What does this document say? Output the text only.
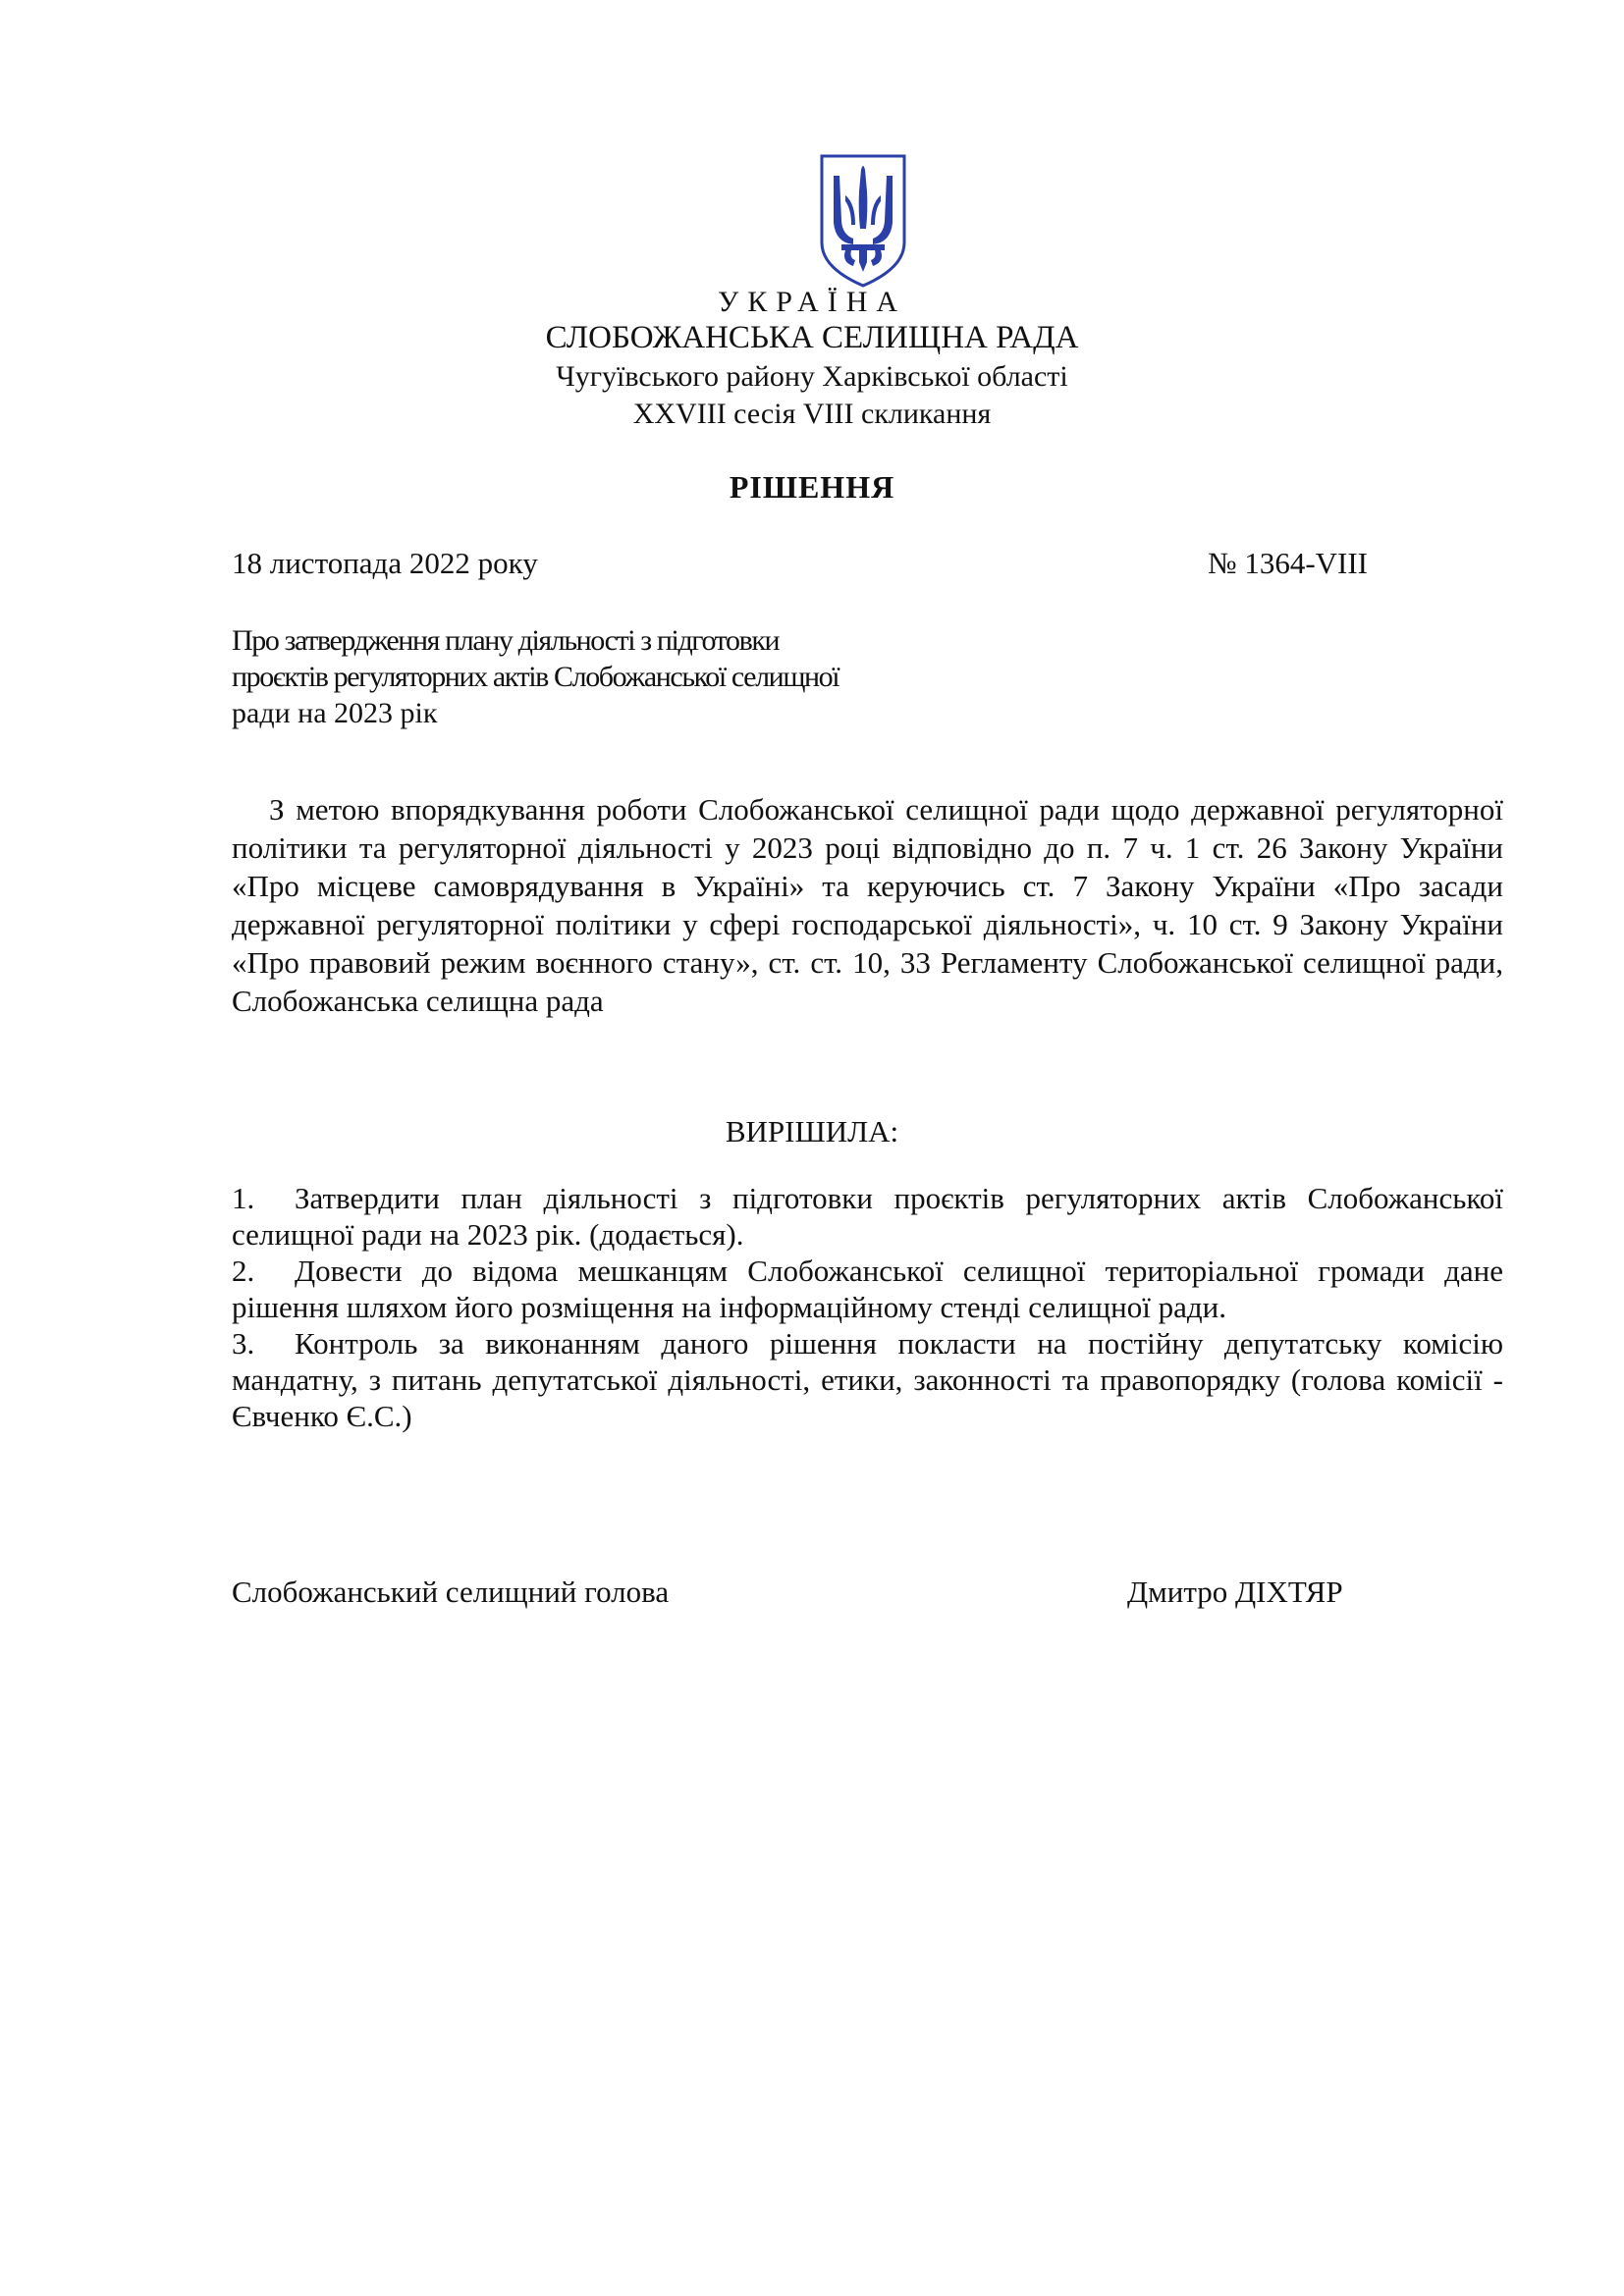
УКРАЇНА
СЛОБОЖАНСЬКА СЕЛИЩНА РАДА
Чугуївського району Харківської області
XXVIII сесія VIII скликання
РІШЕННЯ
18 листопада 2022 року	№ 1364-VIII
Про затвердження плану діяльності з підготовки
проєктів регуляторних актів Слобожанської селищної
ради на 2023 рік

З метою впорядкування роботи Слобожанської селищної ради щодо державної регуляторної політики та регуляторної діяльності у 2023 році відповідно до п. 7 ч. 1 ст. 26 Закону України «Про місцеве самоврядування в Україні» та керуючись ст. 7 Закону України «Про засади державної регуляторної політики у сфері господарської діяльності», ч. 10 ст. 9 Закону України «Про правовий режим воєнного стану», ст. ст. 10, 33 Регламенту Слобожанської селищної ради, Слобожанська селищна рада

ВИРІШИЛА:
1. Затвердити план діяльності з підготовки проєктів регуляторних актів Слобожанської селищної ради на 2023 рік. (додається).
2. Довести до відома мешканцям Слобожанської селищної територіальної громади дане рішення шляхом його розміщення на інформаційному стенді селищної ради.
3. Контроль за виконанням даного рішення покласти на постійну депутатську комісію мандатну, з питань депутатської діяльності, етики, законності та правопорядку (голова комісії - Євченко Є.С.)
Слобожанський селищний голова	Дмитро ДІХТЯР
